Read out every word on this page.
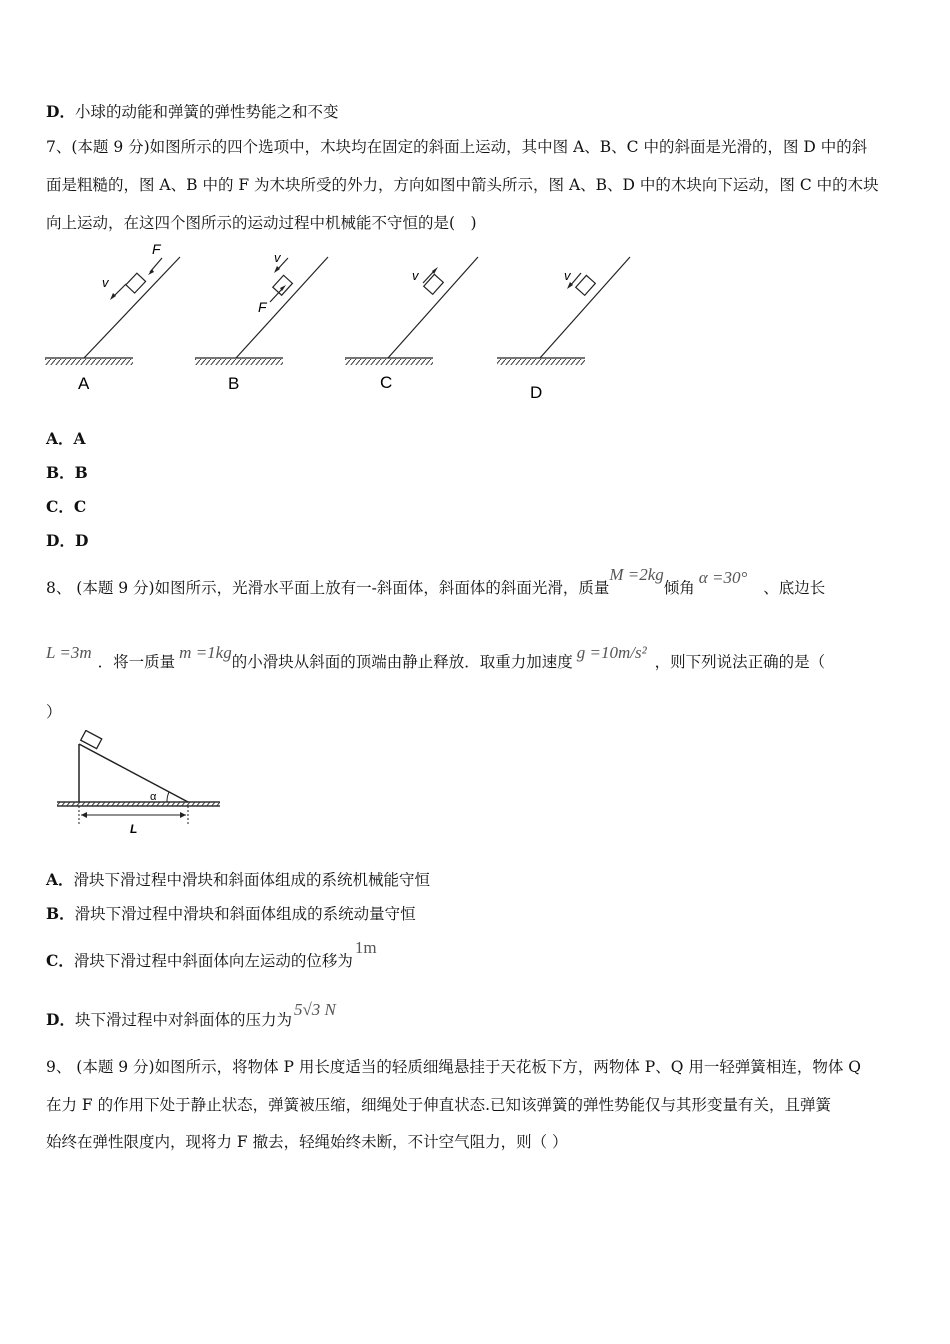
D．小球的动能和弹簧的弹性势能之和不变
7、(本题 9 分)如图所示的四个选项中，木块均在固定的斜面上运动，其中图 A、B、C 中的斜面是光滑的，图 D 中的斜
面是粗糙的，图 A、B 中的 F 为木块所受的外力，方向如图中箭头所示，图 A、B、D 中的木块向下运动，图 C 中的木块
向上运动，在这四个图所示的运动过程中机械能不守恒的是(　)
F
v
A
F
v
B
v
C
v
D
A．A
B．B
C．C
D．D
8、 (本题 9 分)如图所示，光滑水平面上放有一-斜面体，斜面体的斜面光滑，质量M =2kg倾角α =30°、底边长
L =3m ．将一质量 m =1kg的小滑块从斜面的顶端由静止释放．取重力加速度 g =10m/s² ，则下列说法正确的是（
）
α
L
A．滑块下滑过程中滑块和斜面体组成的系统机械能守恒
B．滑块下滑过程中滑块和斜面体组成的系统动量守恒
C．滑块下滑过程中斜面体向左运动的位移为1m
D．块下滑过程中对斜面体的压力为5√3 N
9、 (本题 9 分)如图所示，将物体 P 用长度适当的轻质细绳悬挂于天花板下方，两物体 P、Q 用一轻弹簧相连，物体 Q
在力 F 的作用下处于静止状态，弹簧被压缩，细绳处于伸直状态.已知该弹簧的弹性势能仅与其形变量有关，且弹簧
始终在弹性限度内，现将力 F 撤去，轻绳始终未断，不计空气阻力，则（ ）
